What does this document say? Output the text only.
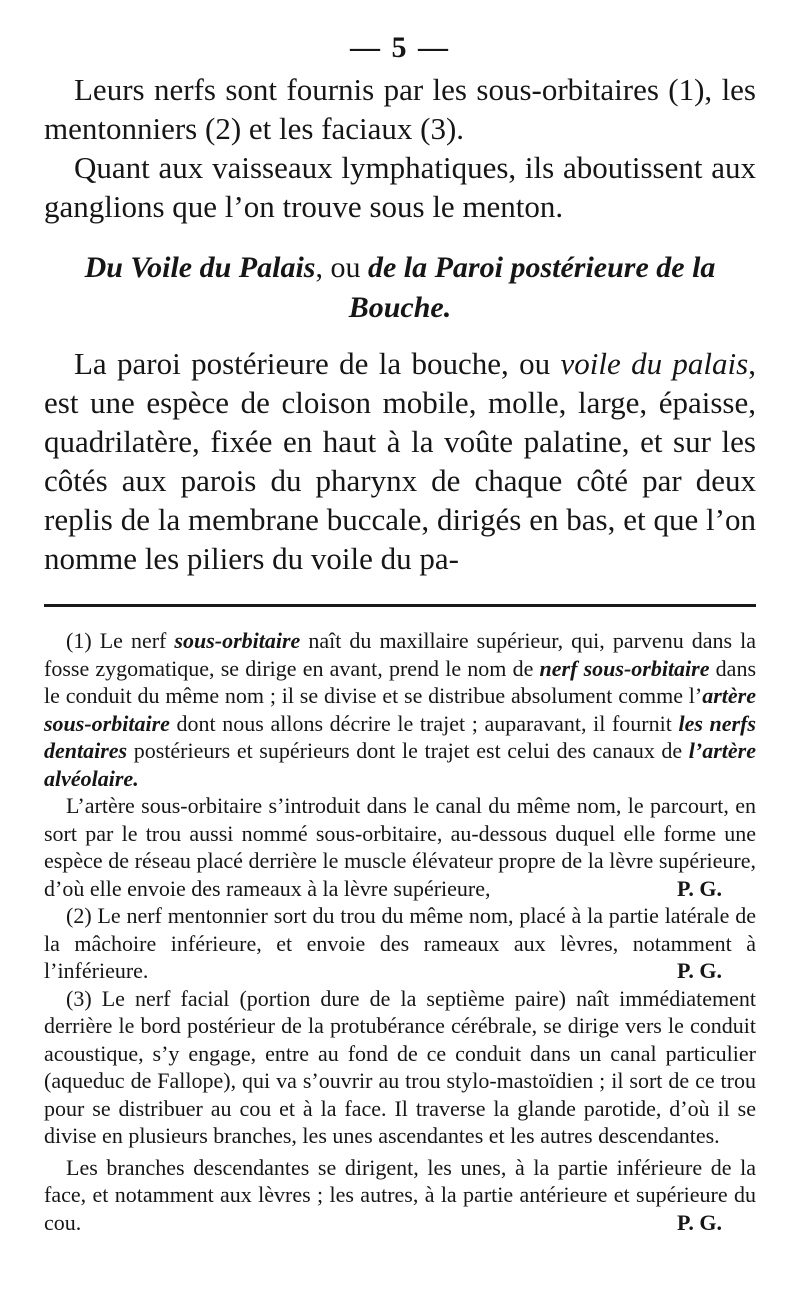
— 5 —

Leurs nerfs sont fournis par les sous-orbitaires (1), les mentonniers (2) et les faciaux (3).

Quant aux vaisseaux lymphatiques, ils aboutissent aux ganglions que l’on trouve sous le menton.

Du Voile du Palais, ou de la Paroi postérieure de la Bouche.

La paroi postérieure de la bouche, ou voile du palais, est une espèce de cloison mobile, molle, large, épaisse, quadrilatère, fixée en haut à la voûte palatine, et sur les côtés aux parois du pharynx de chaque côté par deux replis de la membrane buccale, dirigés en bas, et que l’on nomme les piliers du voile du pa-

(1) Le nerf sous-orbitaire naît du maxillaire supérieur, qui, parvenu dans la fosse zygomatique, se dirige en avant, prend le nom de nerf sous-orbitaire dans le conduit du même nom ; il se divise et se distribue absolument comme l’artère sous-orbitaire dont nous allons décrire le trajet ; auparavant, il fournit les nerfs dentaires postérieurs et supérieurs dont le trajet est celui des canaux de l’artère alvéolaire.

L’artère sous-orbitaire s’introduit dans le canal du même nom, le parcourt, en sort par le trou aussi nommé sous-orbitaire, au-dessous duquel elle forme une espèce de réseau placé derrière le muscle élévateur propre de la lèvre supérieure, d’où elle envoie des rameaux à la lèvre supérieure,	P. G.

(2) Le nerf mentonnier sort du trou du même nom, placé à la partie latérale de la mâchoire inférieure, et envoie des rameaux aux lèvres, notamment à l’inférieure.	P. G.

(3) Le nerf facial (portion dure de la septième paire) naît immédiatement derrière le bord postérieur de la protubérance cérébrale, se dirige vers le conduit acoustique, s’y engage, entre au fond de ce conduit dans un canal particulier (aqueduc de Fallope), qui va s’ouvrir au trou stylo-mastoïdien ; il sort de ce trou pour se distribuer au cou et à la face. Il traverse la glande parotide, d’où il se divise en plusieurs branches, les unes ascendantes et les autres descendantes.

Les branches descendantes se dirigent, les unes, à la partie inférieure de la face, et notamment aux lèvres ; les autres, à la partie antérieure et supérieure du cou.	P. G.
